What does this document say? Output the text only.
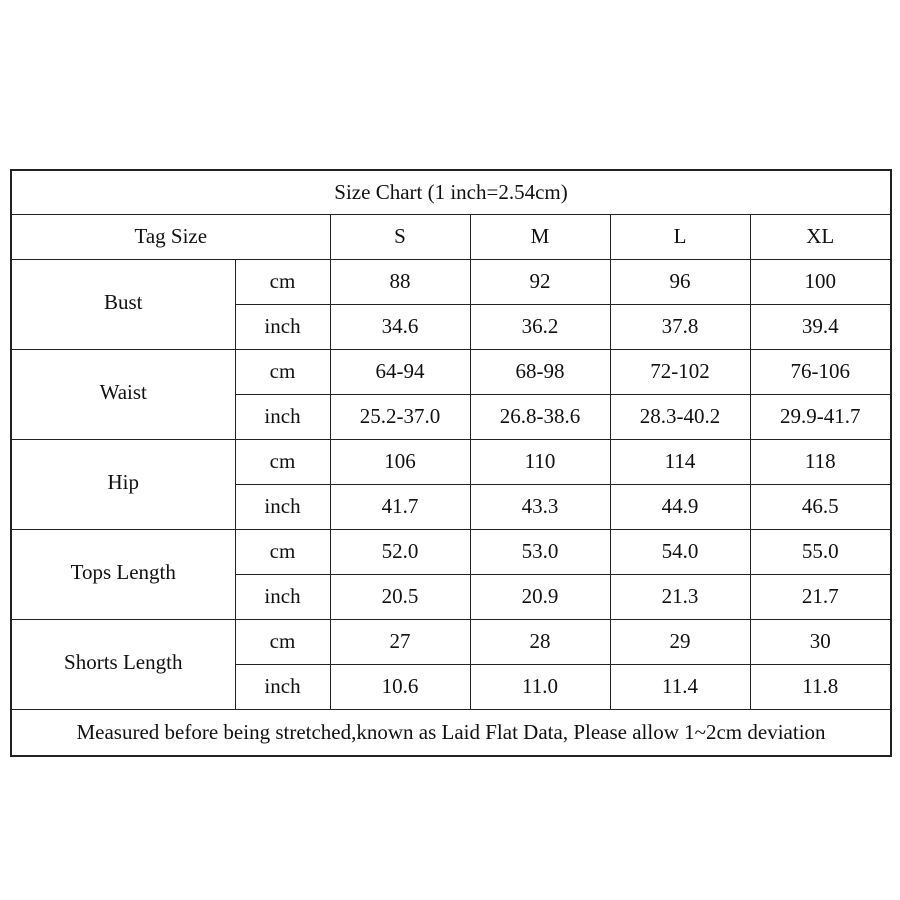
Size Chart (1 inch=2.54cm)					
Tag Size		S	M	L	XL
Bust	cm	88	92	96	100
	inch	34.6	36.2	37.8	39.4
Waist	cm	64-94	68-98	72-102	76-106
	inch	25.2-37.0	26.8-38.6	28.3-40.2	29.9-41.7
Hip	cm	106	110	114	118
	inch	41.7	43.3	44.9	46.5
Tops Length	cm	52.0	53.0	54.0	55.0
	inch	20.5	20.9	21.3	21.7
Shorts Length	cm	27	28	29	30
	inch	10.6	11.0	11.4	11.8
Measured before being stretched,known as Laid Flat Data, Please allow 1~2cm deviation					
